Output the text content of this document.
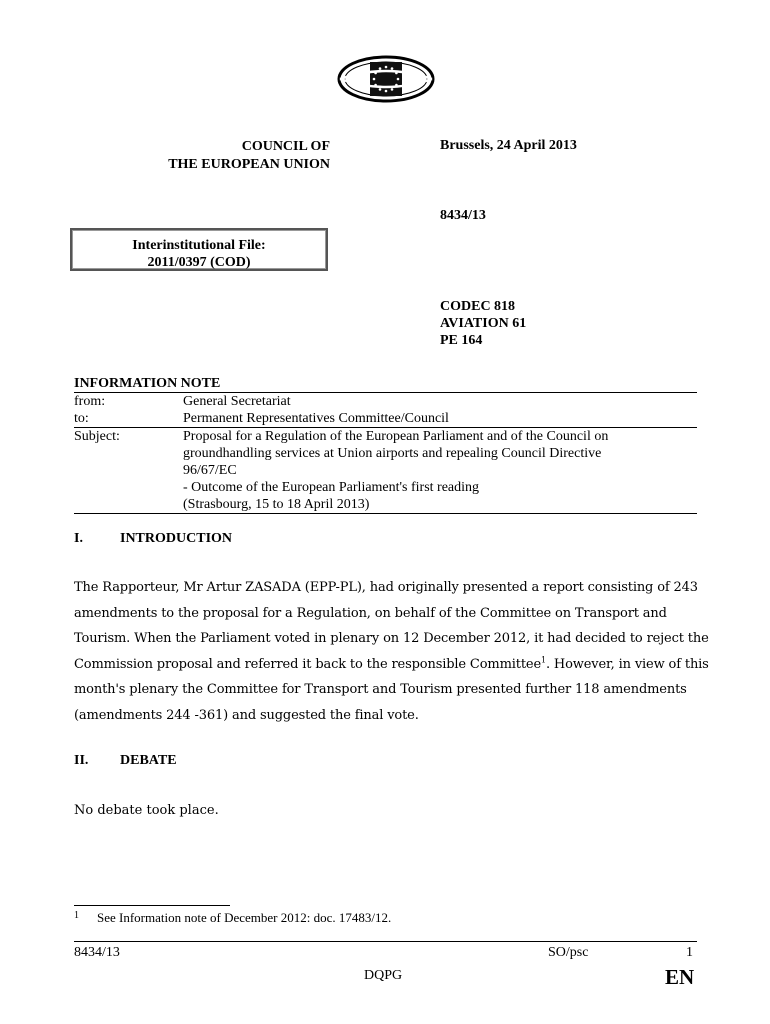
COUNCIL OF
THE EUROPEAN UNION
Brussels, 24 April 2013
8434/13
Interinstitutional File:
2011/0397 (COD)
CODEC 818
AVIATION 61
PE 164
INFORMATION NOTE
from:	General Secretariat
to:	Permanent Representatives Committee/Council
Subject:	Proposal for a Regulation of the European Parliament and of the Council on
groundhandling services at Union airports and repealing Council Directive
96/67/EC
- Outcome of the European Parliament's first reading
(Strasbourg, 15 to 18 April 2013)
I.	INTRODUCTION
The Rapporteur, Mr Artur ZASADA (EPP-PL), had originally presented a report consisting of 243
amendments to the proposal for a Regulation, on behalf of the Committee on Transport and
Tourism. When the Parliament voted in plenary on 12 December 2012, it had decided to reject the
Commission proposal and referred it back to the responsible Committee$^1$. However, in view of this
month's plenary the Committee for Transport and Tourism presented further 118 amendments
(amendments 244 -361) and suggested the final vote.
II. DEBATE
No debate took place.
1 See Information note of December 2012: doc. 17483/12.
8434/13	SO/psc	1
DQPG	EN
